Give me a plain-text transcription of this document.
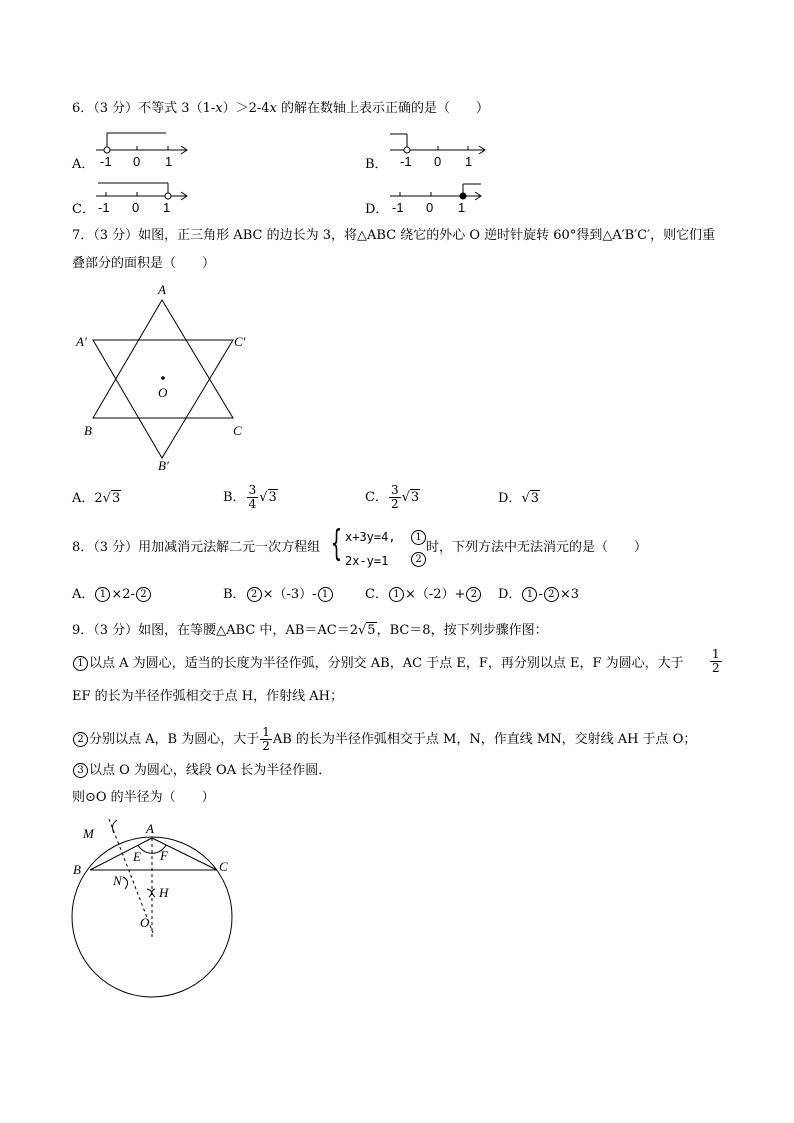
6．（3 分）不等式 3（1-x）＞2-4x 的解在数轴上表示正确的是（　　）
A． -1 0 1	B． -1 0 1
C． -1 0 1	D． -1 0 1
7．（3 分）如图，正三角形 ABC 的边长为 3，将△ABC 绕它的外心 O 逆时针旋转 60°得到△A′B′C′，则它们重
叠部分的面积是（　　）
A
B	C
A′	C′
B′
O
A．2√3	B． $\frac{3}{4} √3$	C． $\frac{3}{2} √3$	D．√3
8．（3 分）用加减消元法解二元一次方程组 { x+3y=4,
2x-y=1
1
2
时，下列方法中无法消元的是（　　）
A． 1 ×2- 2	B． 2 ×（-3）- 1	C． 1 ×（-2）+ 2	D． 1 - 2 ×3
9．（3 分）如图，在等腰△ABC 中，AB＝AC＝2√5，BC＝8，按下列步骤作图：
1 以点 A 为圆心，适当的长度为半径作弧，分别交 AB，AC 于点 E，F，再分别以点 E，F 为圆心，大于 $\frac{1}{2}$
EF 的长为半径作弧相交于点 H，作射线 AH；
2 分别以点 A，B 为圆心，大于 $\frac{1}{2}$ AB 的长为半径作弧相交于点 M，N，作直线 MN，交射线 AH 于点 O；
3 以点 O 为圆心，线段 OA 长为半径作圆．
则⊙O 的半径为（　　）
M	A
B	C
E F
N
H
O
